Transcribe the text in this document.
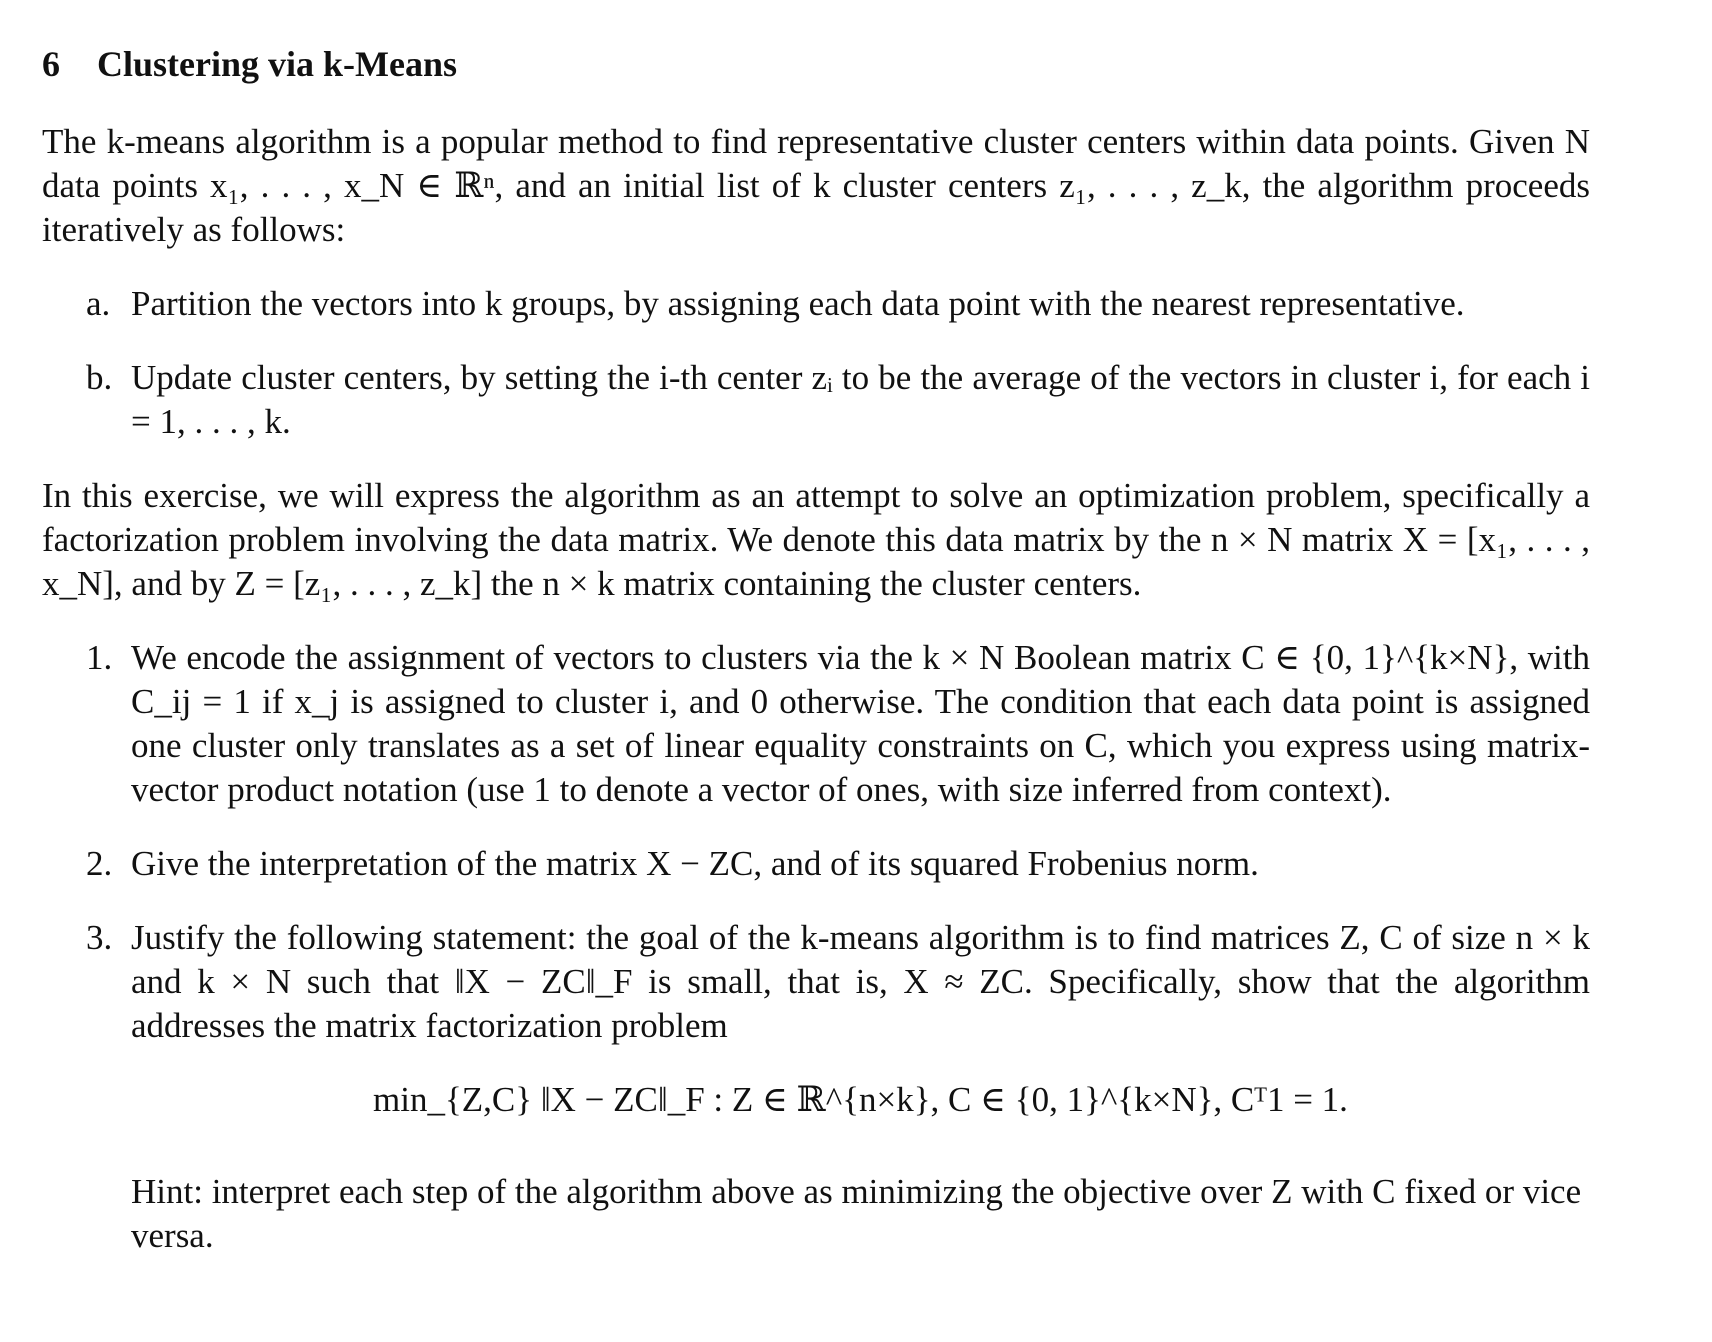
6 Clustering via k-Means

The k-means algorithm is a popular method to find representative cluster centers within data points. Given N data points x₁, . . . , x_N ∈ ℝⁿ, and an initial list of k cluster centers z₁, . . . , z_k, the algorithm proceeds iteratively as follows:

a. Partition the vectors into k groups, by assigning each data point with the nearest representative.
b. Update cluster centers, by setting the i-th center zᵢ to be the average of the vectors in cluster i, for each i = 1, . . . , k.

In this exercise, we will express the algorithm as an attempt to solve an optimization problem, specifically a factorization problem involving the data matrix. We denote this data matrix by the n × N matrix X = [x₁, . . . , x_N], and by Z = [z₁, . . . , z_k] the n × k matrix containing the cluster centers.

1. We encode the assignment of vectors to clusters via the k × N Boolean matrix C ∈ {0, 1}^{k×N}, with C_ij = 1 if x_j is assigned to cluster i, and 0 otherwise. The condition that each data point is assigned one cluster only translates as a set of linear equality constraints on C, which you express using matrix-vector product notation (use 1 to denote a vector of ones, with size inferred from context).
2. Give the interpretation of the matrix X − ZC, and of its squared Frobenius norm.
3. Justify the following statement: the goal of the k-means algorithm is to find matrices Z, C of size n × k and k × N such that ‖X − ZC‖_F is small, that is, X ≈ ZC. Specifically, show that the algorithm addresses the matrix factorization problem
min_{Z,C} ‖X − ZC‖_F : Z ∈ ℝ^{n×k}, C ∈ {0, 1}^{k×N}, Cᵀ1 = 1.

Hint: interpret each step of the algorithm above as minimizing the objective over Z with C fixed or vice versa.
